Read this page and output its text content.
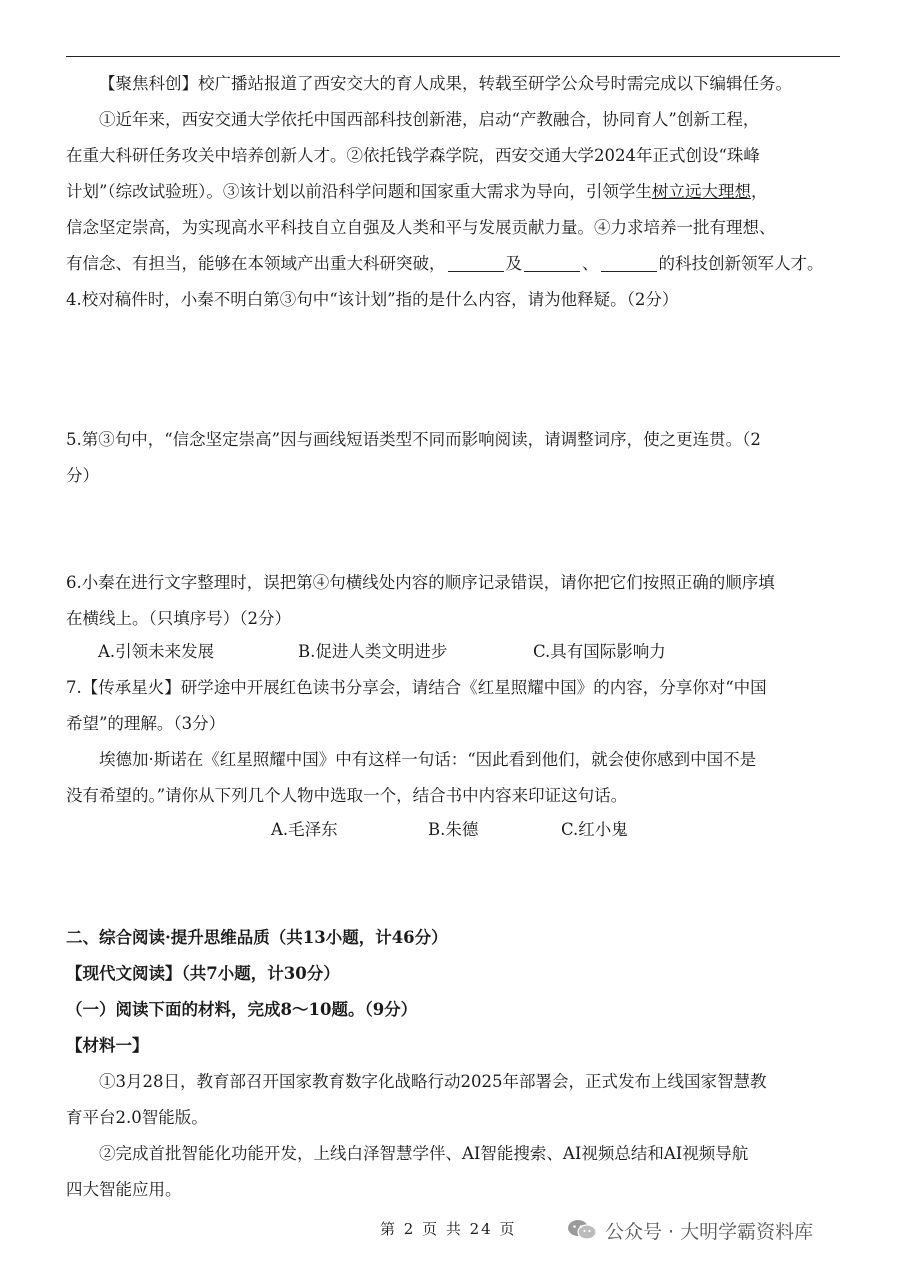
【聚焦科创】校广播站报道了西安交大的育人成果，转载至研学公众号时需完成以下编辑任务。
①近年来，西安交通大学依托中国西部科技创新港，启动“产教融合，协同育人”创新工程，
在重大科研任务攻关中培养创新人才。②依托钱学森学院，西安交通大学2024年正式创设“珠峰
计划”（综改试验班）。③该计划以前沿科学问题和国家重大需求为导向，引领学生树立远大理想，
信念坚定崇高，为实现高水平科技自立自强及人类和平与发展贡献力量。④力求培养一批有理想、
有信念、有担当，能够在本领域产出重大科研突破，	及	、	的科技创新领军人才。
4.校对稿件时，小秦不明白第③句中“该计划”指的是什么内容，请为他释疑。（2分）
5.第③句中，“信念坚定崇高”因与画线短语类型不同而影响阅读，请调整词序，使之更连贯。（2
分）
6.小秦在进行文字整理时，误把第④句横线处内容的顺序记录错误，请你把它们按照正确的顺序填
在横线上。（只填序号）（2分）
A.引领未来发展	B.促进人类文明进步	C.具有国际影响力
7.【传承星火】研学途中开展红色读书分享会，请结合《红星照耀中国》的内容，分享你对“中国
希望”的理解。（3分）
埃德加·斯诺在《红星照耀中国》中有这样一句话：“因此看到他们，就会使你感到中国不是
没有希望的。”请你从下列几个人物中选取一个，结合书中内容来印证这句话。
A.毛泽东	B.朱德	C.红小鬼
二、综合阅读·提升思维品质（共13小题，计46分）
【现代文阅读】（共7小题，计30分）
（一）阅读下面的材料，完成8～10题。（9分）
【材料一】
①3月28日，教育部召开国家教育数字化战略行动2025年部署会，正式发布上线国家智慧教
育平台2.0智能版。
②完成首批智能化功能开发，上线白泽智慧学伴、AI智能搜索、AI视频总结和AI视频导航
四大智能应用。
第 2 页 共 24 页	公众号 · 大明学霸资料库
